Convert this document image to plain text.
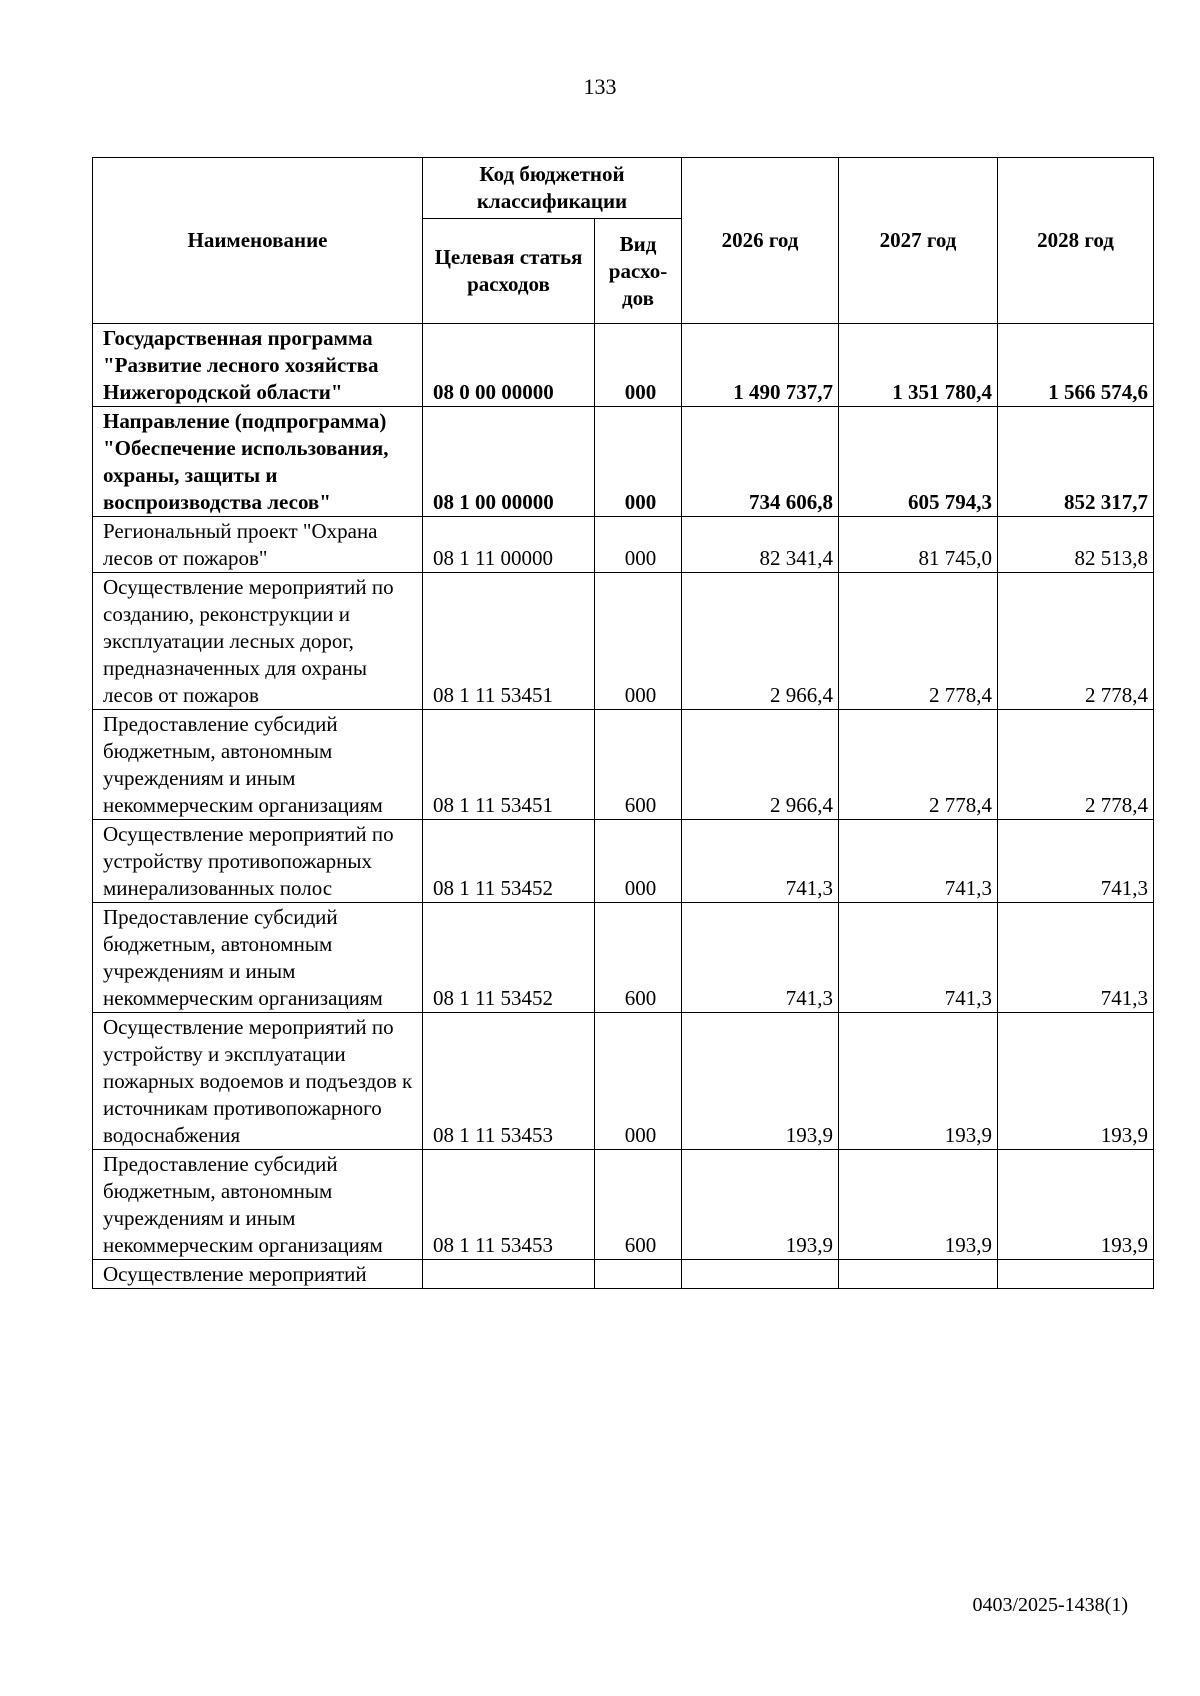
133
Наименование	Код бюджетной классификации		2026 год	2027 год	2028 год
	Целевая статья расходов	Вид расхо-дов			
Государственная программа "Развитие лесного хозяйства Нижегородской области"	08 0 00 00000	000	1 490 737,7	1 351 780,4	1 566 574,6
Направление (подпрограмма) "Обеспечение использования, охраны, защиты и воспроизводства лесов"	08 1 00 00000	000	734 606,8	605 794,3	852 317,7
Региональный проект "Охрана лесов от пожаров"	08 1 11 00000	000	82 341,4	81 745,0	82 513,8
Осуществление мероприятий по созданию, реконструкции и эксплуатации лесных дорог, предназначенных для охраны лесов от пожаров	08 1 11 53451	000	2 966,4	2 778,4	2 778,4
Предоставление субсидий бюджетным, автономным учреждениям и иным некоммерческим организациям	08 1 11 53451	600	2 966,4	2 778,4	2 778,4
Осуществление мероприятий по устройству противопожарных минерализованных полос	08 1 11 53452	000	741,3	741,3	741,3
Предоставление субсидий бюджетным, автономным учреждениям и иным некоммерческим организациям	08 1 11 53452	600	741,3	741,3	741,3
Осуществление мероприятий по устройству и эксплуатации пожарных водоемов и подъездов к источникам противопожарного водоснабжения	08 1 11 53453	000	193,9	193,9	193,9
Предоставление субсидий бюджетным, автономным учреждениям и иным некоммерческим организациям	08 1 11 53453	600	193,9	193,9	193,9
Осуществление мероприятий					
0403/2025-1438(1)
